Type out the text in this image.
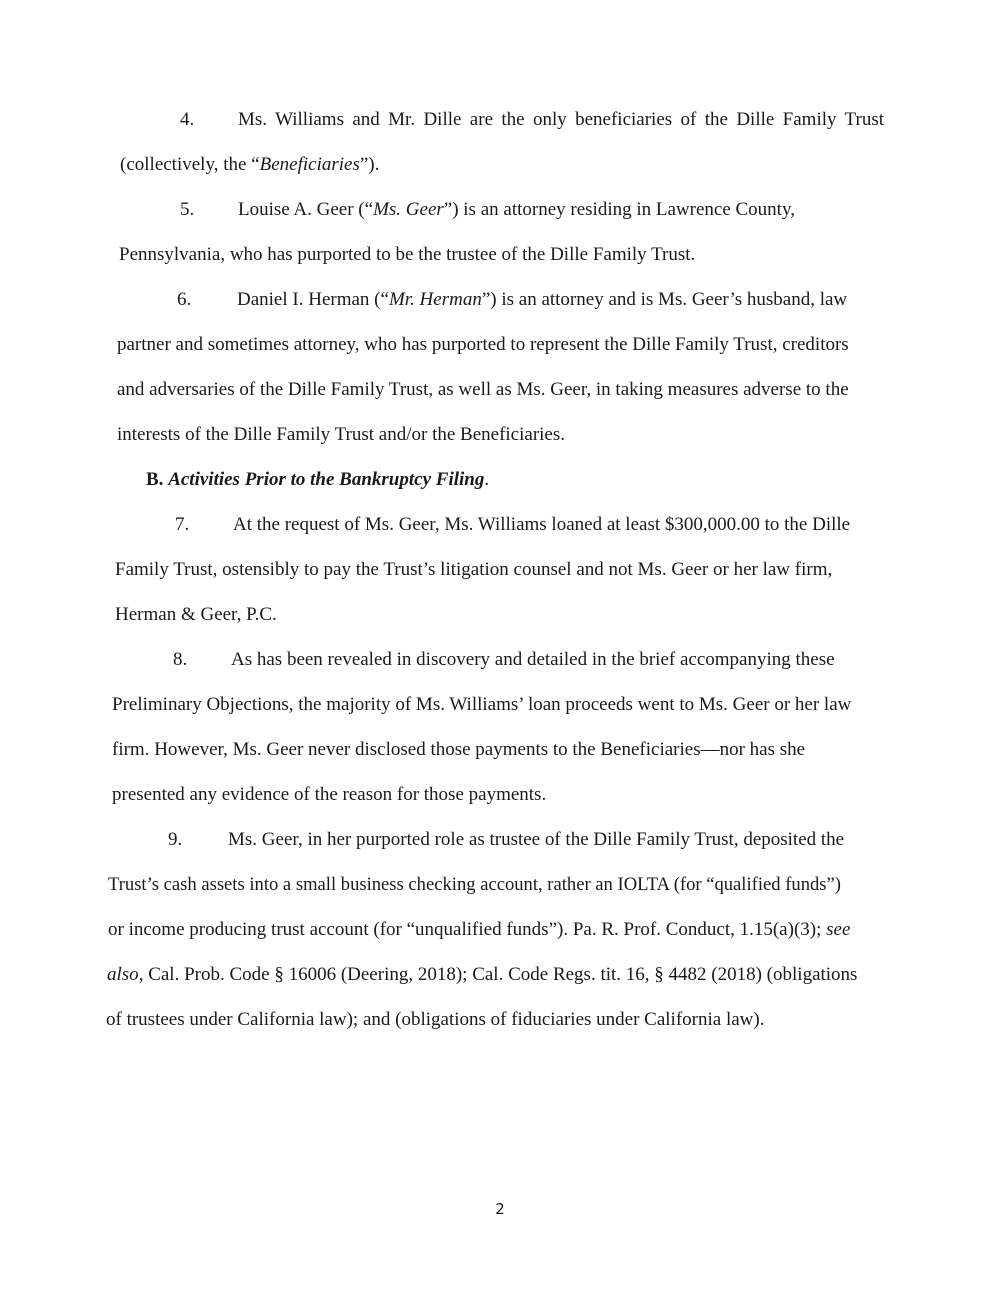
4. Ms. Williams and Mr. Dille are the only beneficiaries of the Dille Family Trust
(collectively, the “Beneficiaries”).
5.	Louise A. Geer (“Ms. Geer”) is an attorney residing in Lawrence County,
Pennsylvania, who has purported to be the trustee of the Dille Family Trust.
6. Daniel I. Herman (“Mr. Herman”) is an attorney and is Ms. Geer’s husband, law
partner and sometimes attorney, who has purported to represent the Dille Family Trust, creditors
and adversaries of the Dille Family Trust, as well as Ms. Geer, in taking measures adverse to the
interests of the Dille Family Trust and/or the Beneficiaries.
B. Activities Prior to the Bankruptcy Filing.
7. At the request of Ms. Geer, Ms. Williams loaned at least $300,000.00 to the Dille
Family Trust, ostensibly to pay the Trust’s litigation counsel and not Ms. Geer or her law firm,
Herman & Geer, P.C.
8. As has been revealed in discovery and detailed in the brief accompanying these
Preliminary Objections, the majority of Ms. Williams’ loan proceeds went to Ms. Geer or her law
firm. However, Ms. Geer never disclosed those payments to the Beneficiaries—nor has she
presented any evidence of the reason for those payments.
9. Ms. Geer, in her purported role as trustee of the Dille Family Trust, deposited the
Trust’s cash assets into a small business checking account, rather an IOLTA (for “qualified funds”)
or income producing trust account (for “unqualified funds”). Pa. R. Prof. Conduct, 1.15(a)(3); see
also, Cal. Prob. Code § 16006 (Deering, 2018); Cal. Code Regs. tit. 16, § 4482 (2018) (obligations
of trustees under California law); and (obligations of fiduciaries under California law).
2
